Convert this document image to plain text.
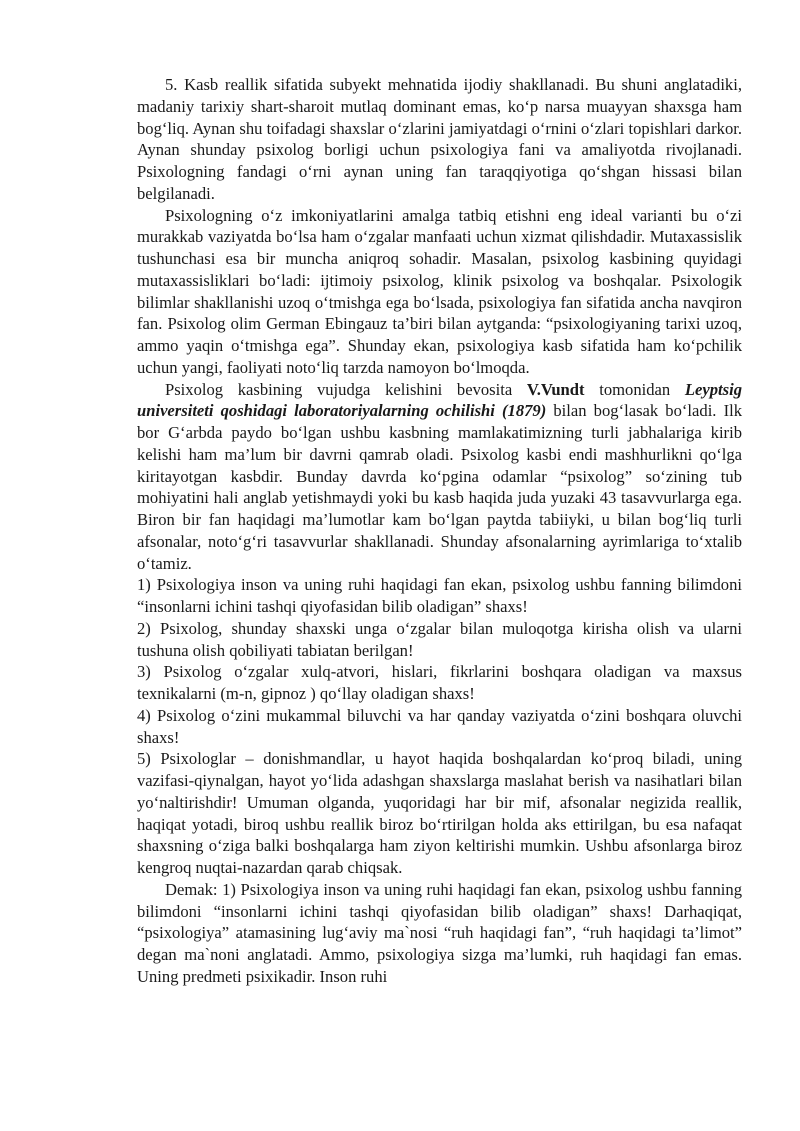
5. Kasb reallik sifatida subyekt mehnatida ijodiy shakllanadi. Bu shuni anglatadiki, madaniy tarixiy shart-sharoit mutlaq dominant emas, ko‘p narsa muayyan shaxsga ham bog‘liq. Aynan shu toifadagi shaxslar o‘zlarini jamiyatdagi o‘rnini o‘zlari topishlari darkor. Aynan shunday psixolog borligi uchun psixologiya fani va amaliyotda rivojlanadi. Psixologning fandagi o‘rni aynan uning fan taraqqiyotiga qo‘shgan hissasi bilan belgilanadi.

Psixologning o‘z imkoniyatlarini amalga tatbiq etishni eng ideal varianti bu o‘zi murakkab vaziyatda bo‘lsa ham o‘zgalar manfaati uchun xizmat qilishdadir. Mutaxassislik tushunchasi esa bir muncha aniqroq sohadir. Masalan, psixolog kasbining quyidagi mutaxassisliklari bo‘ladi: ijtimoiy psixolog, klinik psixolog va boshqalar. Psixologik bilimlar shakllanishi uzoq o‘tmishga ega bo‘lsada, psixologiya fan sifatida ancha navqiron fan. Psixolog olim German Ebingauz ta’biri bilan aytganda: “psixologiyaning tarixi uzoq, ammo yaqin o‘tmishga ega”. Shunday ekan, psixologiya kasb sifatida ham ko‘pchilik uchun yangi, faoliyati noto‘liq tarzda namoyon bo‘lmoqda.

Psixolog kasbining vujudga kelishini bevosita V.Vundt tomonidan Leyptsig universiteti qoshidagi laboratoriyalarning ochilishi (1879) bilan bog‘lasak bo‘ladi. Ilk bor G‘arbda paydo bo‘lgan ushbu kasbning mamlakatimizning turli jabhalariga kirib kelishi ham ma’lum bir davrni qamrab oladi. Psixolog kasbi endi mashhurlikni qo‘lga kiritayotgan kasbdir. Bunday davrda ko‘pgina odamlar “psixolog” so‘zining tub mohiyatini hali anglab yetishmaydi yoki bu kasb haqida juda yuzaki 43 tasavvurlarga ega. Biron bir fan haqidagi ma’lumotlar kam bo‘lgan paytda tabiiyki, u bilan bog‘liq turli afsonalar, noto‘g‘ri tasavvurlar shakllanadi. Shunday afsonalarning ayrimlariga to‘xtalib o‘tamiz.

1) Psixologiya inson va uning ruhi haqidagi fan ekan, psixolog ushbu fanning bilimdoni “insonlarni ichini tashqi qiyofasidan bilib oladigan” shaxs!

2) Psixolog, shunday shaxski unga o‘zgalar bilan muloqotga kirisha olish va ularni tushuna olish qobiliyati tabiatan berilgan!

3) Psixolog o‘zgalar xulq-atvori, hislari, fikrlarini boshqara oladigan va maxsus texnikalarni (m-n, gipnoz ) qo‘llay oladigan shaxs!

4) Psixolog o‘zini mukammal biluvchi va har qanday vaziyatda o‘zini boshqara oluvchi shaxs!

5) Psixologlar – donishmandlar, u hayot haqida boshqalardan ko‘proq biladi, uning vazifasi-qiynalgan, hayot yo‘lida adashgan shaxslarga maslahat berish va nasihatlari bilan yo‘naltirishdir! Umuman olganda, yuqoridagi har bir mif, afsonalar negizida reallik, haqiqat yotadi, biroq ushbu reallik biroz bo‘rtirilgan holda aks ettirilgan, bu esa nafaqat shaxsning o‘ziga balki boshqalarga ham ziyon keltirishi mumkin. Ushbu afsonlarga biroz kengroq nuqtai-nazardan qarab chiqsak.

Demak: 1) Psixologiya inson va uning ruhi haqidagi fan ekan, psixolog ushbu fanning bilimdoni “insonlarni ichini tashqi qiyofasidan bilib oladigan” shaxs! Darhaqiqat, “psixologiya” atamasining lug‘aviy ma`nosi “ruh haqidagi fan”, “ruh haqidagi ta’limot” degan ma`noni anglatadi. Ammo, psixologiya sizga ma’lumki, ruh haqidagi fan emas. Uning predmeti psixikadir. Inson ruhi
